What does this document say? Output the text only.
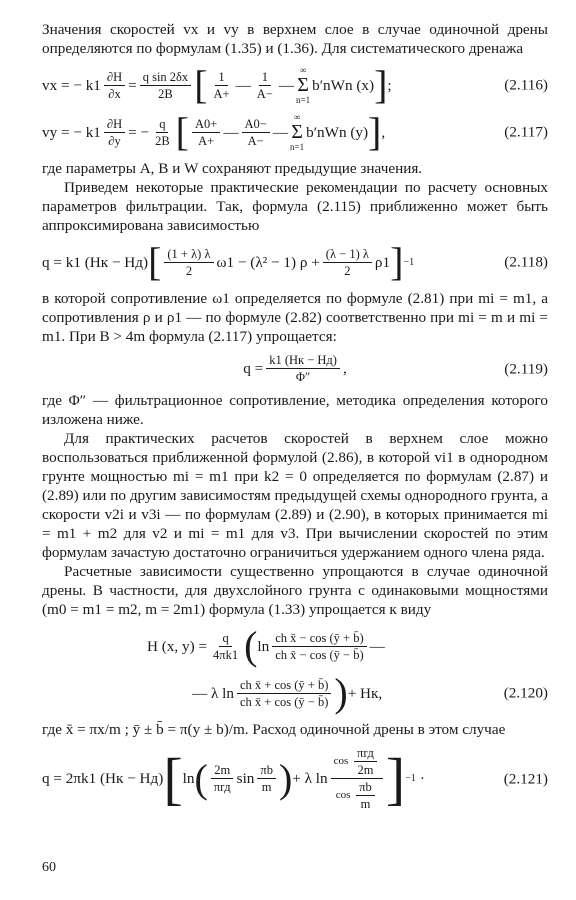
Значения скоростей vx и vy в верхнем слое в случае одиночной дрены определяются по формулам (1.35) и (1.36). Для систематического дренажа

vx = − $k1 \frac{\partial H}{\partial x} = \frac{\text{q sin 2δx}}{2B}$ [ $\frac{1}{A+}$ — $\frac{1}{A-}$ —
∞
Σ
n=1
b′nWn (x) ] ;	(2.116)
vy = − $k1 \frac{\partial H}{\partial y}$ = − $\frac{q}{2B}$ [ $\frac{A0+}{A+}$ — $\frac{A0-}{A-}$ —
∞
Σ
n=1
b′nWn (y) ] ,	(2.117)

где параметры A, B и W сохраняют предыдущие значения.

Приведем некоторые практические рекомендации по расчету основных параметров фильтрации. Так, формула (2.115) приближенно может быть аппроксимирована зависимостью

q = k1 (Hк − Hд) [ $\frac{(1 + \lambda) \lambda}{2} \omega 1 - (\lambda^2 - 1) \rho + \frac{(\lambda - 1) \lambda}{2} \rho 1$ ] −1	(2.118)

в которой сопротивление ω1 определяется по формуле (2.81) при mi = m1, а сопротивления ρ и ρ1 — по формуле (2.82) соответственно при mi = m и mi = m1. При B > 4m формула (2.117) упрощается:

$q = \frac{k1 (Hк - Hд)}{\Phi''}$ ,	(2.119)

где Φ″ — фильтрационное сопротивление, методика определения которого изложена ниже.

Для практических расчетов скоростей в верхнем слое можно воспользоваться приближенной формулой (2.86), в которой vi1 в однородном грунте мощностью mi = m1 при k2 = 0 определяется по формулам (2.87) и (2.89) или по другим зависимостям предыдущей схемы однородного грунта, а скорости v2i и v3i — по формулам (2.89) и (2.90), в которых принимается mi = m1 + m2 для v2 и mi = m1 для v3. При вычислении скоростей по этим формулам зачастую достаточно ограничиться удержанием одного члена ряда.

Расчетные зависимости существенно упрощаются в случае одиночной дрены. В частности, для двухслойного грунта с одинаковыми мощностями (m0 = m1 = m2, m = 2m1) формула (1.33) упрощается к виду

H (x, $y) = \frac{q}{4\pi k1}$ ( $\ln \frac{\text{ch x̄ − cos (ȳ + b̄)}}{\text{ch x̄ − cos (ȳ − b̄)}}$ —
— λ $\ln \frac{\text{ch x̄ + cos (ȳ + b̄)}}{\text{ch x̄ + cos (ȳ − b̄)}}$ ) + Hк,	(2.120)

где x̄ = πx/m ; ȳ ± b̄ = π(y ± b)/m. Расход одиночной дрены в этом случае

q = 2πk1 (Hк − Hд) [ ln ( $\frac{2m}{\text{πrд}}$ $\sin \frac{\pi b}{m}$ ) + λ $\ln \frac{\cos \frac{\text{πrд}}{2m}}{\cos \frac{\pi b}{m}}$ ] −1 ·	(2.121)
60
